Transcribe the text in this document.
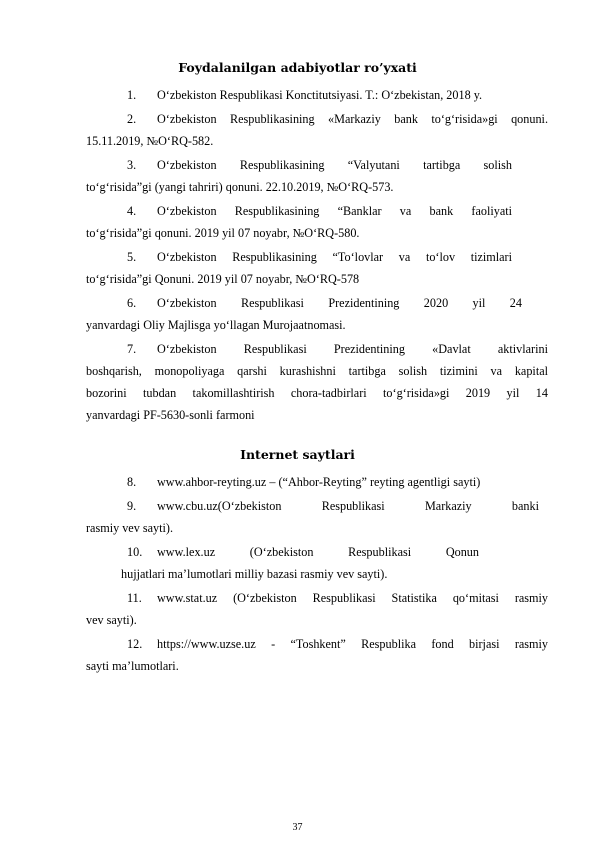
Foydalanilgan adabiyotlar ro’yxati
1. O‘zbekiston Respublikasi Konctitutsiyasi. T.: O‘zbekistan, 2018 y.
2. O‘zbekiston Respublikasining «Markaziy bank to‘g‘risida»gi qonuni.
15.11.2019, №O‘RQ-582.
3. O‘zbekiston Respublikasining “Valyutani tartibga solish
to‘g‘risida”gi (yangi tahriri) qonuni. 22.10.2019, №O‘RQ-573.
4. O‘zbekiston Respublikasining “Banklar va bank faoliyati
to‘g‘risida”gi qonuni. 2019 yil 07 noyabr, №O‘RQ-580.
5. O‘zbekiston Respublikasining “To‘lovlar va to‘lov tizimlari
to‘g‘risida”gi Qonuni. 2019 yil 07 noyabr, №O‘RQ-578
6. O‘zbekiston Respublikasi Prezidentining 2020 yil 24
yanvardagi Oliy Majlisga yo‘llagan Murojaatnomasi.
7. O‘zbekiston Respublikasi Prezidentining «Davlat aktivlarini
boshqarish, monopoliyaga qarshi kurashishni tartibga solish tizimini va kapital
bozorini tubdan takomillashtirish chora-tadbirlari to‘g‘risida»gi 2019 yil 14
yanvardagi PF-5630-sonli farmoni
Internet saytlari
8. www.ahbor-reyting.uz – (“Ahbor-Reyting” reyting agentligi sayti)
9. www.cbu.uz(O‘zbekiston Respublikasi Markaziy banki
rasmiy vev sayti).
10. www.lex.uz (O‘zbekiston Respublikasi Qonun
hujjatlari ma’lumotlari milliy bazasi rasmiy vev sayti).
11. www.stat.uz (O‘zbekiston Respublikasi Statistika qo‘mitasi rasmiy
vev sayti).
12. https://www.uzse.uz - “Toshkent” Respublika fond birjasi rasmiy
sayti ma’lumotlari.
37
